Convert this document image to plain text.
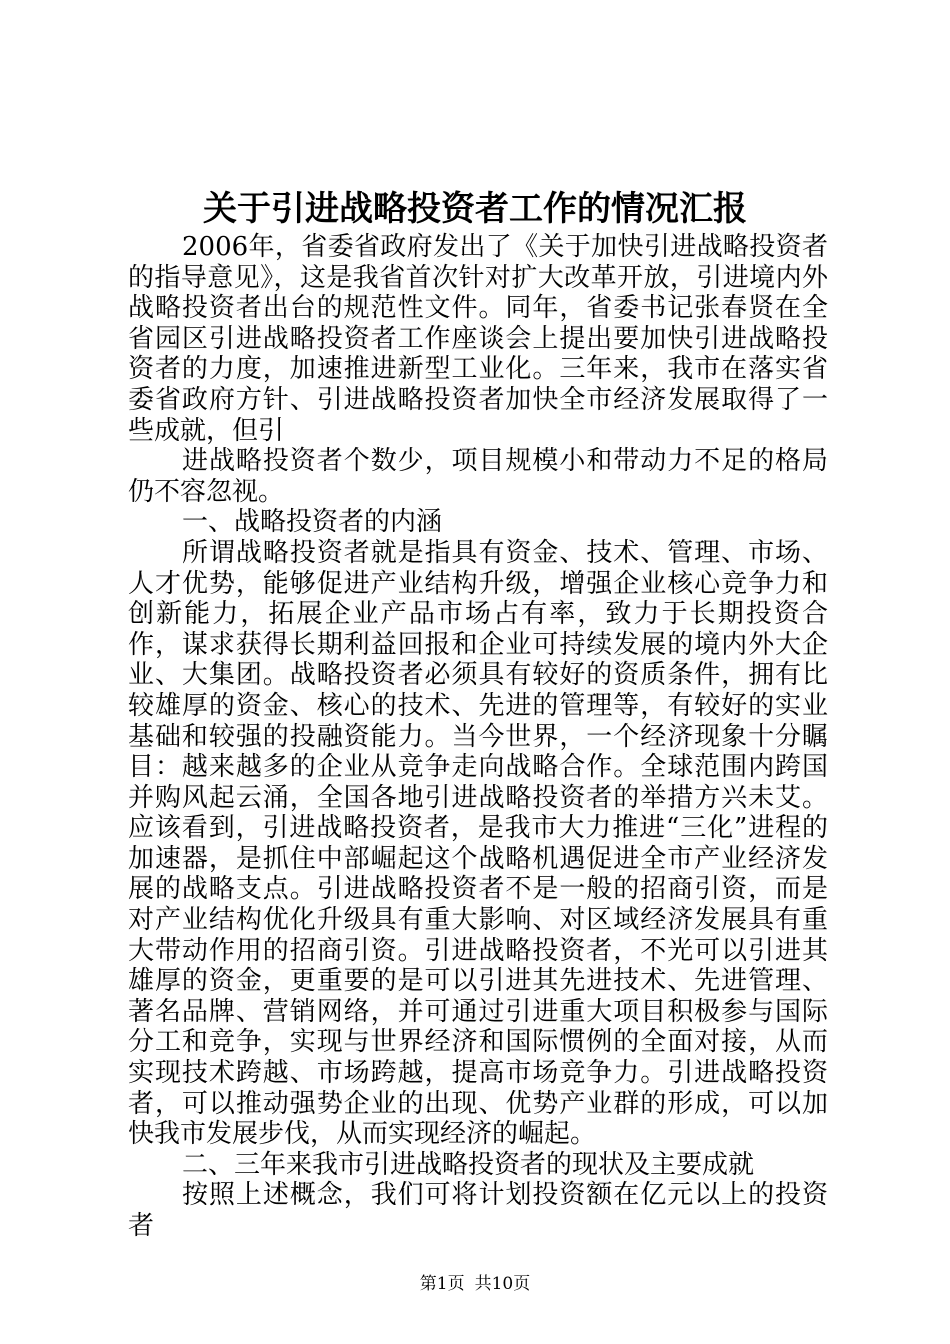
关于引进战略投资者工作的情况汇报

2006年，省委省政府发出了《关于加快引进战略投资者的指导意见》，这是我省首次针对扩大改革开放，引进境内外战略投资者出台的规范性文件。同年，省委书记张春贤在全省园区引进战略投资者工作座谈会上提出要加快引进战略投资者的力度，加速推进新型工业化。三年来，我市在落实省委省政府方针、引进战略投资者加快全市经济发展取得了一些成就，但引

进战略投资者个数少，项目规模小和带动力不足的格局仍不容忽视。

一、战略投资者的内涵

所谓战略投资者就是指具有资金、技术、管理、市场、人才优势，能够促进产业结构升级，增强企业核心竞争力和创新能力，拓展企业产品市场占有率，致力于长期投资合作，谋求获得长期利益回报和企业可持续发展的境内外大企业、大集团。战略投资者必须具有较好的资质条件，拥有比较雄厚的资金、核心的技术、先进的管理等，有较好的实业基础和较强的投融资能力。当今世界，一个经济现象十分瞩目：越来越多的企业从竞争走向战略合作。全球范围内跨国并购风起云涌，全国各地引进战略投资者的举措方兴未艾。应该看到，引进战略投资者，是我市大力推进“三化”进程的加速器，是抓住中部崛起这个战略机遇促进全市产业经济发展的战略支点。引进战略投资者不是一般的招商引资，而是对产业结构优化升级具有重大影响、对区域经济发展具有重大带动作用的招商引资。引进战略投资者，不光可以引进其雄厚的资金，更重要的是可以引进其先进技术、先进管理、著名品牌、营销网络，并可通过引进重大项目积极参与国际分工和竞争，实现与世界经济和国际惯例的全面对接，从而实现技术跨越、市场跨越，提高市场竞争力。引进战略投资者，可以推动强势企业的出现、优势产业群的形成，可以加快我市发展步伐，从而实现经济的崛起。

二、三年来我市引进战略投资者的现状及主要成就

按照上述概念，我们可将计划投资额在亿元以上的投资者

第1页 共10页
